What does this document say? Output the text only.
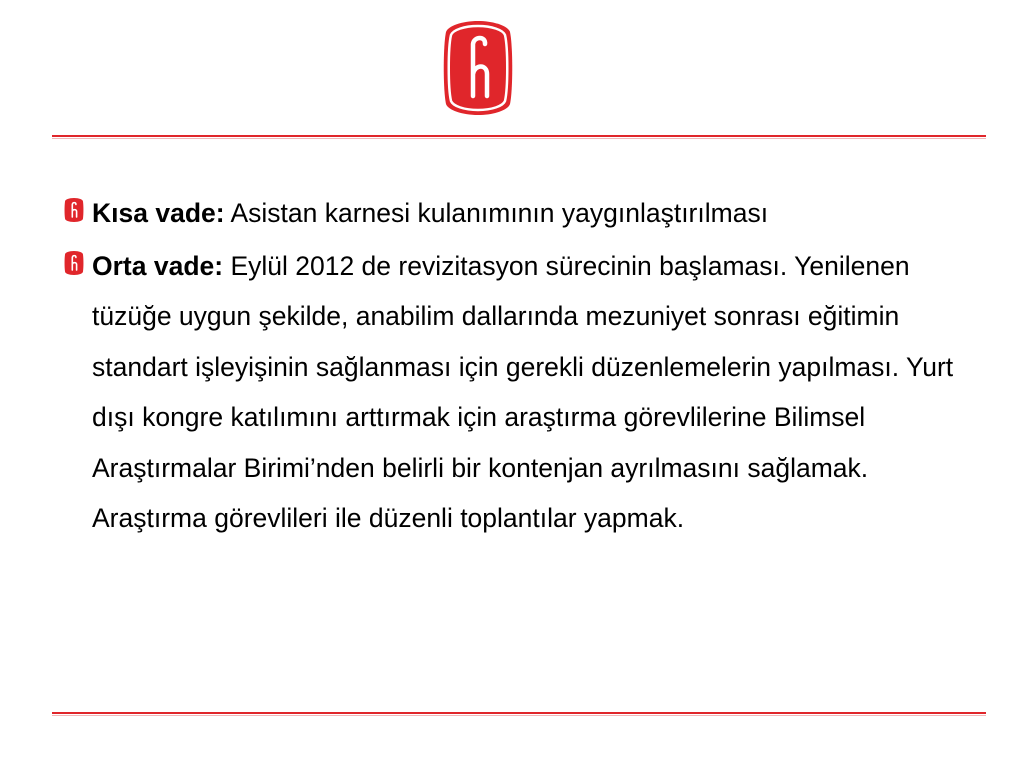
Kısa vade: Asistan karnesi kulanımının yaygınlaştırılması
Orta vade: Eylül 2012 de revizitasyon sürecinin başlaması. Yenilenen tüzüğe uygun şekilde, anabilim dallarında mezuniyet sonrası eğitimin standart işleyişinin sağlanması için gerekli düzenlemelerin yapılması. Yurt dışı kongre katılımını arttırmak için araştırma görevlilerine Bilimsel Araştırmalar Birimi’nden belirli bir kontenjan ayrılmasını sağlamak. Araştırma görevlileri ile düzenli toplantılar yapmak.
